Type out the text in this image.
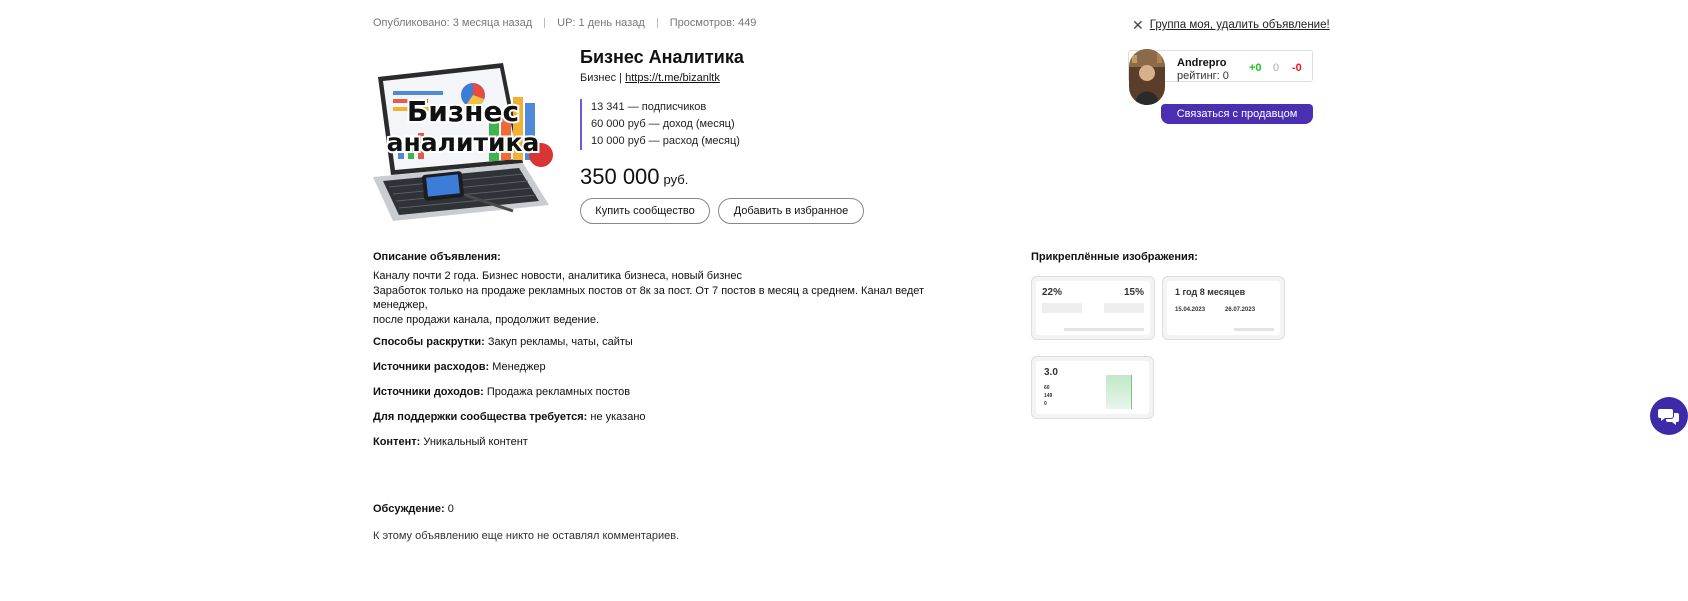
Опубликовано: 3 месяца назад UP: 1 день назад Просмотров: 449	✕ Группа моя, удалить объявление!
Бизнес
аналитика
Бизнес Аналитика
Бизнес | https://t.me/bizanltk
13 341 — подписчиков
60 000 руб — доход (месяц)
10 000 руб — расход (месяц)
350 000 руб.
Купить сообщество	Добавить в избранное
Andrepro
рейтинг: 0
+0 0 -0
Связаться с продавцом
Описание объявления:
Каналу почти 2 года. Бизнес новости, аналитика бизнеса, новый бизнес
Заработок только на продаже рекламных постов от 8к за пост. От 7 постов в месяц а среднем. Канал ведет менеджер,
после продажи канала, продолжит ведение.
Способы раскрутки: Закуп рекламы, чаты, сайты
Источники расходов: Менеджер
Источники доходов: Продажа рекламных постов
Для поддержки сообщества требуется: не указано
Контент: Уникальный контент
Прикреплённые изображения:
22%	15%	1 год 8 месяцев
15.04.2023	26.07.2023
3.0
60
149
0
Обсуждение: 0
К этому объявлению еще никто не оставлял комментариев.
